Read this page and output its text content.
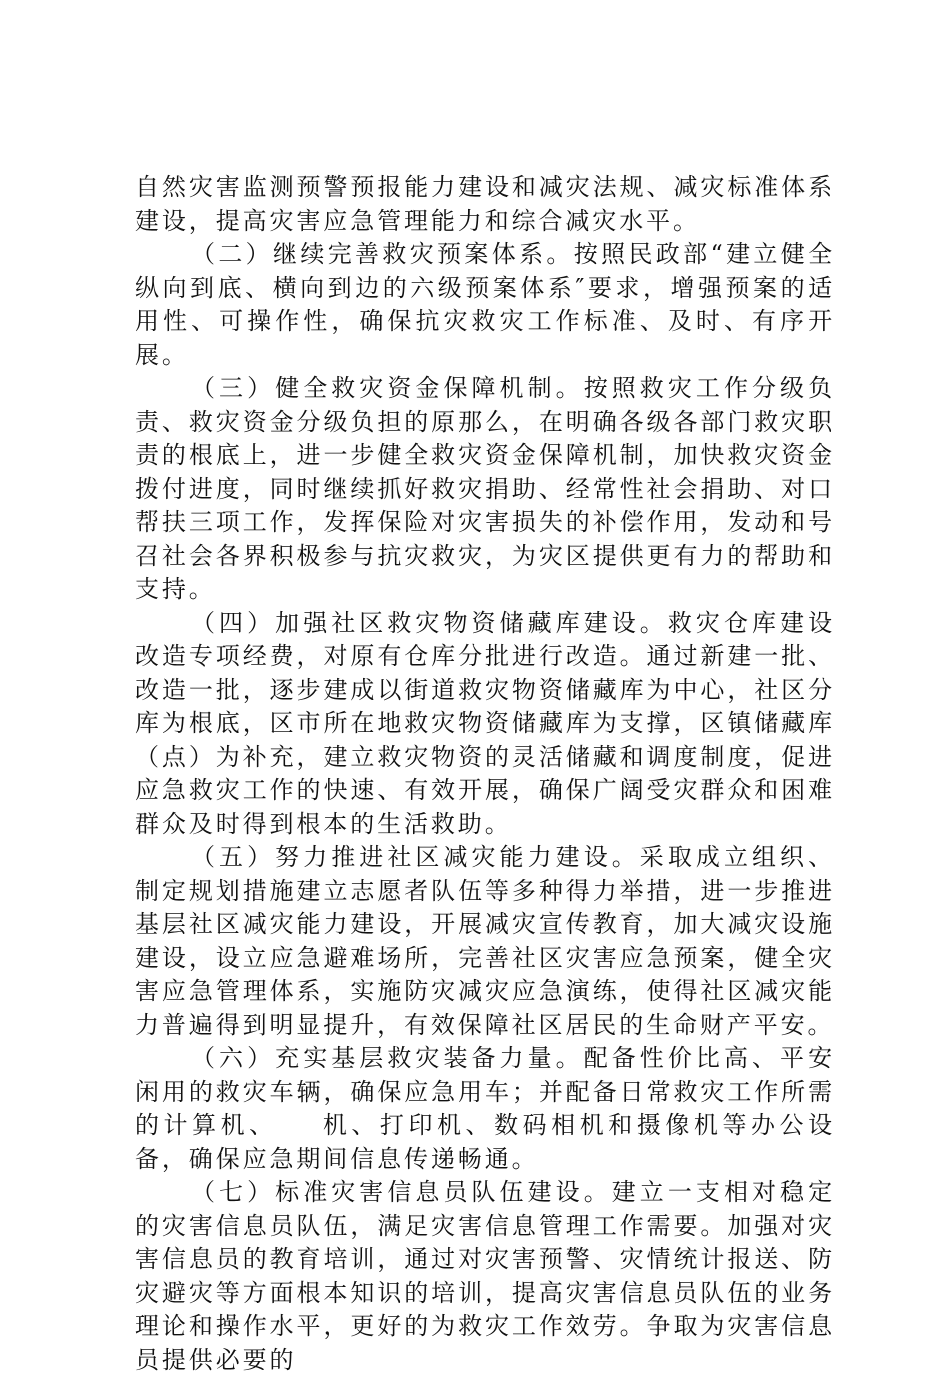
自然灾害监测预警预报能力建设和减灾法规、减灾标准体系建设，提高灾害应急管理能力和综合减灾水平。

（二）继续完善救灾预案体系。按照民政部“建立健全纵向到底、横向到边的六级预案体系″要求，增强预案的适用性、可操作性，确保抗灾救灾工作标准、及时、有序开展。

（三）健全救灾资金保障机制。按照救灾工作分级负责、救灾资金分级负担的原那么，在明确各级各部门救灾职责的根底上，进一步健全救灾资金保障机制，加快救灾资金拨付进度，同时继续抓好救灾捐助、经常性社会捐助、对口帮扶三项工作，发挥保险对灾害损失的补偿作用，发动和号召社会各界积极参与抗灾救灾，为灾区提供更有力的帮助和支持。

（四）加强社区救灾物资储藏库建设。救灾仓库建设改造专项经费，对原有仓库分批进行改造。通过新建一批、改造一批，逐步建成以街道救灾物资储藏库为中心，社区分库为根底，区市所在地救灾物资储藏库为支撑，区镇储藏库（点）为补充，建立救灾物资的灵活储藏和调度制度，促进应急救灾工作的快速、有效开展，确保广阔受灾群众和困难群众及时得到根本的生活救助。

（五）努力推进社区减灾能力建设。采取成立组织、制定规划措施建立志愿者队伍等多种得力举措，进一步推进基层社区减灾能力建设，开展减灾宣传教育，加大减灾设施建设，设立应急避难场所，完善社区灾害应急预案，健全灾害应急管理体系，实施防灾减灾应急演练，使得社区减灾能力普遍得到明显提升，有效保障社区居民的生命财产平安。

（六）充实基层救灾装备力量。配备性价比高、平安闲用的救灾车辆，确保应急用车；并配备日常救灾工作所需的计算机、　　机、打印机、数码相机和摄像机等办公设备，确保应急期间信息传递畅通。

（七）标准灾害信息员队伍建设。建立一支相对稳定的灾害信息员队伍，满足灾害信息管理工作需要。加强对灾害信息员的教育培训，通过对灾害预警、灾情统计报送、防灾避灾等方面根本知识的培训，提高灾害信息员队伍的业务理论和操作水平，更好的为救灾工作效劳。争取为灾害信息员提供必要的
